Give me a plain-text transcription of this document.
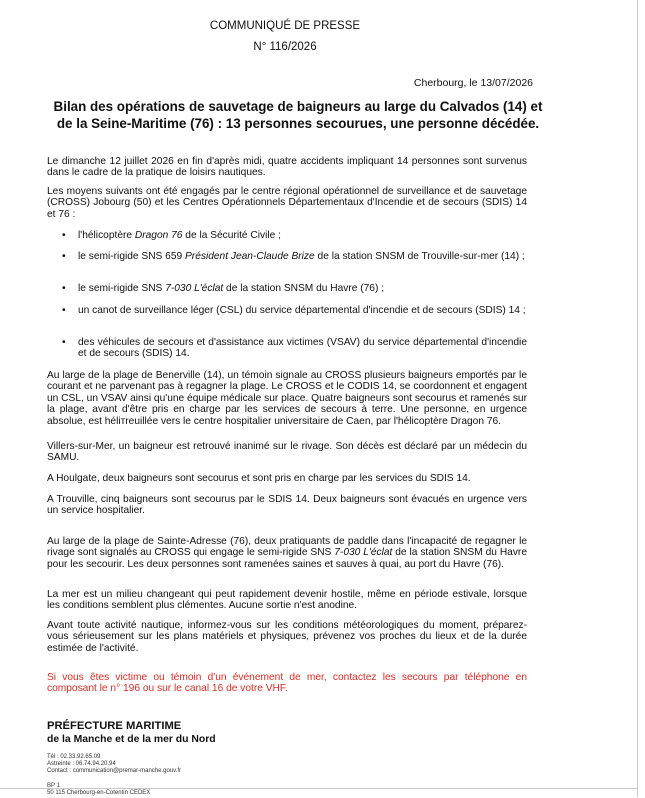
COMMUNIQUÉ DE PRESSE
N° 116/2026
Cherbourg, le 13/07/2026
Bilan des opérations de sauvetage de baigneurs au large du Calvados (14) et
de la Seine-Maritime (76) : 13 personnes secourues, une personne décédée.

Le dimanche 12 juillet 2026 en fin d'après midi, quatre accidents impliquant 14 personnes sont survenus dans le cadre de la pratique de loisirs nautiques.

Les moyens suivants ont été engagés par le centre régional opérationnel de surveillance et de sauvetage (CROSS) Jobourg (50) et les Centres Opérationnels Départementaux d'Incendie et de secours (SDIS) 14 et 76 :

• l'hélicoptère Dragon 76 de la Sécurité Civile ;

• le semi-rigide SNS 659 Président Jean-Claude Brize de la station SNSM de Trouville-sur-mer (14) ;

• le semi-rigide SNS 7-030 L'éclat de la station SNSM du Havre (76) ;

• un canot de surveillance léger (CSL) du service départemental d'incendie et de secours (SDIS) 14 ;

• des véhicules de secours et d'assistance aux victimes (VSAV) du service départemental d'incendie et de secours (SDIS) 14.

Au large de la plage de Benerville (14), un témoin signale au CROSS plusieurs baigneurs emportés par le courant et ne parvenant pas à regagner la plage. Le CROSS et le CODIS 14, se coordonnent et engagent un CSL, un VSAV ainsi qu'une équipe médicale sur place. Quatre baigneurs sont secourus et ramenés sur la plage, avant d'être pris en charge par les services de secours à terre. Une personne, en urgence absolue, est héliтreuillée vers le centre hospitalier universitaire de Caen, par l'hélicoptère Dragon 76.

Villers-sur-Mer, un baigneur est retrouvé inanimé sur le rivage. Son décès est déclaré par un médecin du SAMU.

A Houlgate, deux baigneurs sont secourus et sont pris en charge par les services du SDIS 14.

A Trouville, cinq baigneurs sont secourus par le SDIS 14. Deux baigneurs sont évacués en urgence vers un service hospitalier.

Au large de la plage de Sainte-Adresse (76), deux pratiquants de paddle dans l'incapacité de regagner le rivage sont signalés au CROSS qui engage le semi-rigide SNS 7-030 L'éclat de la station SNSM du Havre pour les secourir. Les deux personnes sont ramenées saines et sauves à quai, au port du Havre (76).

La mer est un milieu changeant qui peut rapidement devenir hostile, même en période estivale, lorsque les conditions semblent plus clémentes. Aucune sortie n'est anodine.

Avant toute activité nautique, informez-vous sur les conditions météorologiques du moment, préparez-vous sérieusement sur les plans matériels et physiques, prévenez vos proches du lieux et de la durée estimée de l'activité.

Si vous êtes victime ou témoin d'un événement de mer, contactez les secours par téléphone en composant le n° 196 ou sur le canal 16 de votre VHF.

PRÉFECTURE MARITIME
de la Manche et de la mer du Nord
Tél : 02.33.92.65.09
Astreinte : 06.74.94.20.94
Contact : communication@premar-manche.gouv.fr
BP 1
50 115 Cherbourg-en-Cotentin CEDEX
